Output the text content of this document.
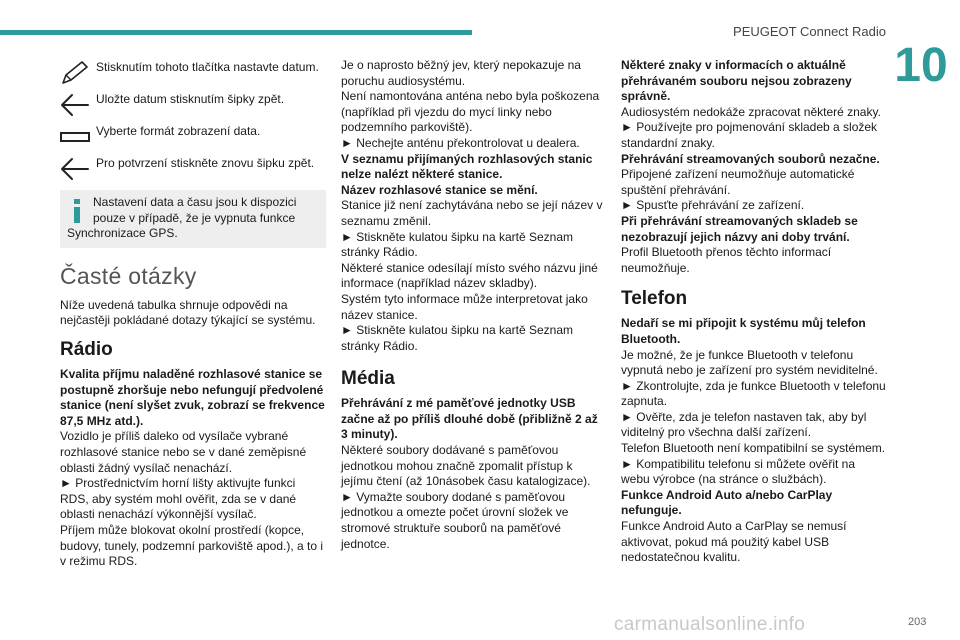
PEUGEOT Connect Radio
10
Stisknutím tohoto tlačítka nastavte datum.
Uložte datum stisknutím šipky zpět.
Vyberte formát zobrazení data.
Pro potvrzení stiskněte znovu šipku zpět.
Nastavení data a času jsou k dispozici
pouze v případě, že je vypnuta funkce
Synchronizace GPS.
Časté otázky

Níže uvedená tabulka shrnuje odpovědi na nejčastěji pokládané dotazy týkající se systému.

Rádio

Kvalita příjmu naladěné rozhlasové stanice se postupně zhoršuje nebo nefungují předvolené stanice (není slyšet zvuk, zobrazí se frekvence 87,5 MHz atd.).

Vozidlo je příliš daleko od vysílače vybrané rozhlasové stanice nebo se v dané zeměpisné oblasti žádný vysílač nenachází.

► Prostřednictvím horní lišty aktivujte funkci RDS, aby systém mohl ověřit, zda se v dané oblasti nenachází výkonnější vysílač.

Příjem může blokovat okolní prostředí (kopce, budovy, tunely, podzemní parkoviště apod.), a to i v režimu RDS.

Je o naprosto běžný jev, který nepokazuje na poruchu audiosystému.

Není namontována anténa nebo byla poškozena (například při vjezdu do mycí linky nebo podzemního parkoviště).

► Nechejte anténu překontrolovat u dealera.

V seznamu přijímaných rozhlasových stanic nelze nalézt některé stanice.

Název rozhlasové stanice se mění.

Stanice již není zachytávána nebo se její název v seznamu změnil.

► Stiskněte kulatou šipku na kartě Seznam stránky Rádio.

Některé stanice odesílají místo svého názvu jiné informace (například název skladby).

Systém tyto informace může interpretovat jako název stanice.

► Stiskněte kulatou šipku na kartě Seznam stránky Rádio.

Média

Přehrávání z mé paměťové jednotky USB začne až po příliš dlouhé době (přibližně 2 až 3 minuty).

Některé soubory dodávané s paměťovou jednotkou mohou značně zpomalit přístup k jejímu čtení (až 10násobek času katalogizace).

► Vymažte soubory dodané s paměťovou jednotkou a omezte počet úrovní složek ve stromové struktuře souborů na paměťové jednotce.

Některé znaky v informacích o aktuálně přehrávaném souboru nejsou zobrazeny správně.

Audiosystém nedokáže zpracovat některé znaky.

► Používejte pro pojmenování skladeb a složek standardní znaky.

Přehrávání streamovaných souborů nezačne.

Připojené zařízení neumožňuje automatické spuštění přehrávání.

► Spusťte přehrávání ze zařízení.

Při přehrávání streamovaných skladeb se nezobrazují jejich názvy ani doby trvání.

Profil Bluetooth přenos těchto informací neumožňuje.

Telefon

Nedaří se mi připojit k systému můj telefon Bluetooth.

Je možné, že je funkce Bluetooth v telefonu vypnutá nebo je zařízení pro systém neviditelné.

► Zkontrolujte, zda je funkce Bluetooth v telefonu zapnuta.

► Ověřte, zda je telefon nastaven tak, aby byl viditelný pro všechna další zařízení.

Telefon Bluetooth není kompatibilní se systémem.

► Kompatibilitu telefonu si můžete ověřit na webu výrobce (na stránce o službách).

Funkce Android Auto a/nebo CarPlay nefunguje.

Funkce Android Auto a CarPlay se nemusí aktivovat, pokud má použitý kabel USB nedostatečnou kvalitu.

carmanualsonline.info	203
